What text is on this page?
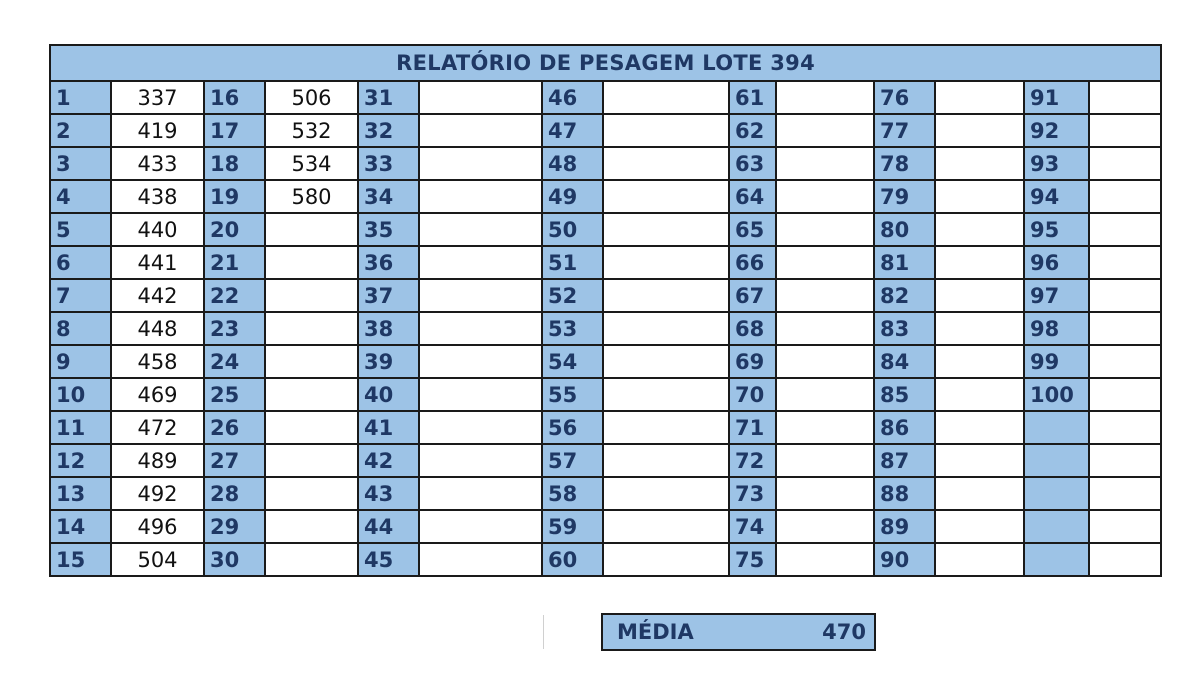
RELATÓRIO DE PESAGEM LOTE 394													
1	337	16	506	31		46		61		76		91	
2	419	17	532	32		47		62		77		92	
3	433	18	534	33		48		63		78		93	
4	438	19	580	34		49		64		79		94	
5	440	20		35		50		65		80		95	
6	441	21		36		51		66		81		96	
7	442	22		37		52		67		82		97	
8	448	23		38		53		68		83		98	
9	458	24		39		54		69		84		99	
10	469	25		40		55		70		85		100	
11	472	26		41		56		71		86			
12	489	27		42		57		72		87			
13	492	28		43		58		73		88			
14	496	29		44		59		74		89			
15	504	30		45		60		75		90			
MÉDIA	470
